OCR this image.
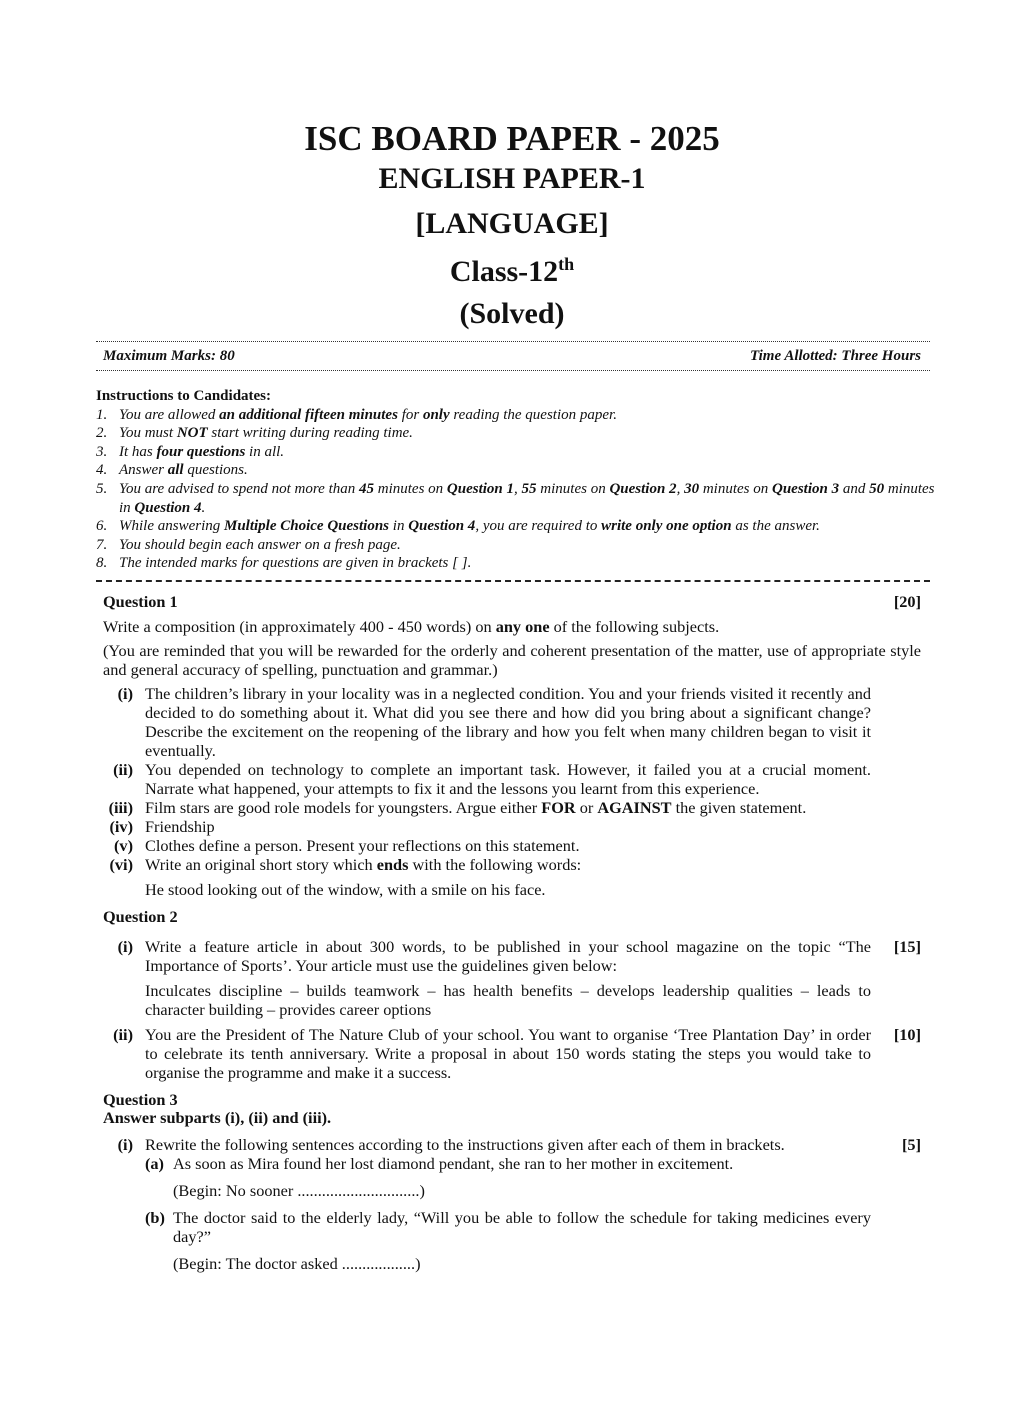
ISC BOARD PAPER - 2025
ENGLISH PAPER-1
[LANGUAGE]
Class-12th
(Solved)
Maximum Marks: 80	Time Allotted: Three Hours
Instructions to Candidates:
1. You are allowed an additional fifteen minutes for only reading the question paper.
2. You must NOT start writing during reading time.
3. It has four questions in all.
4. Answer all questions.
5. You are advised to spend not more than 45 minutes on Question 1, 55 minutes on Question 2, 30 minutes on Question 3 and 50 minutes in Question 4.
6. While answering Multiple Choice Questions in Question 4, you are required to write only one option as the answer.
7. You should begin each answer on a fresh page.
8. The intended marks for questions are given in brackets [ ].
Question 1	[20]
Write a composition (in approximately 400 - 450 words) on any one of the following subjects.
(You are reminded that you will be rewarded for the orderly and coherent presentation of the matter, use of appropriate style and general accuracy of spelling, punctuation and grammar.)
(i) The children’s library in your locality was in a neglected condition. You and your friends visited it recently and decided to do something about it. What did you see there and how did you bring about a significant change? Describe the excitement on the reopening of the library and how you felt when many children began to visit it eventually.
(ii) You depended on technology to complete an important task. However, it failed you at a crucial moment. Narrate what happened, your attempts to fix it and the lessons you learnt from this experience.
(iii) Film stars are good role models for youngsters. Argue either FOR or AGAINST the given statement.
(iv) Friendship
(v) Clothes define a person. Present your reflections on this statement.
(vi) Write an original short story which ends with the following words:
He stood looking out of the window, with a smile on his face.
Question 2
(i) Write a feature article in about 300 words, to be published in your school magazine on the topic “The Importance of Sports’. Your article must use the guidelines given below:
[15]
Inculcates discipline – builds teamwork – has health benefits – develops leadership qualities – leads to character building – provides career options
(ii) You are the President of The Nature Club of your school. You want to organise ‘Tree Plantation Day’ in order to celebrate its tenth anniversary. Write a proposal in about 150 words stating the steps you would take to organise the programme and make it a success.
[10]
Question 3
Answer subparts (i), (ii) and (iii).
(i) Rewrite the following sentences according to the instructions given after each of them in brackets.	[5]
(a) As soon as Mira found her lost diamond pendant, she ran to her mother in excitement.
(Begin: No sooner ..............................)
(b) The doctor said to the elderly lady, “Will you be able to follow the schedule for taking medicines every day?”
(Begin: The doctor asked ..................)
